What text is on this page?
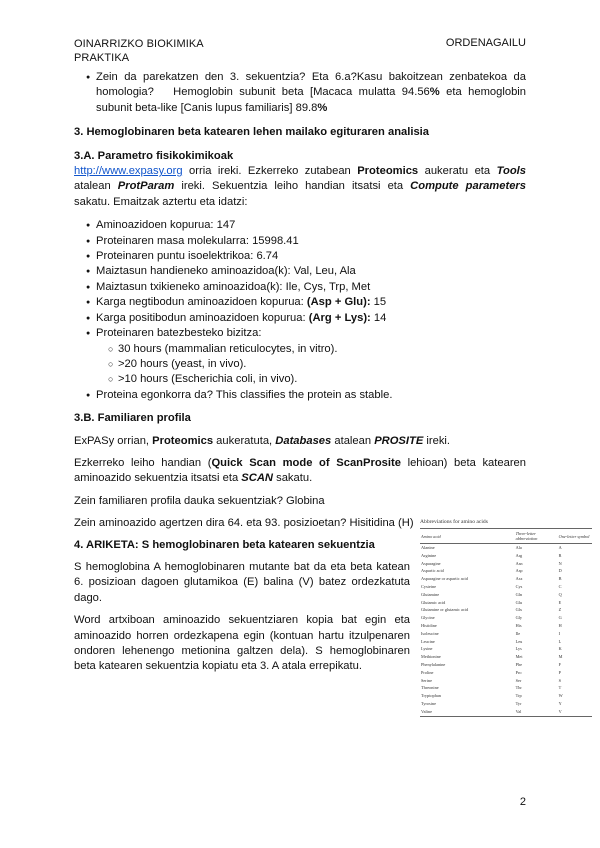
OINARRIZKO BIOKIMIKA
PRAKTIKA
ORDENAGAILU
● Zein da parekatzen den 3. sekuentzia? Eta 6.a?Kasu bakoitzean zenbatekoa da homologia? Hemoglobin subunit beta [Macaca mulatta 94.56% eta hemoglobin subunit beta-like [Canis lupus familiaris] 89.8%
3. Hemoglobinaren beta katearen lehen mailako egituraren analisia
3.A. Parametro fisikokimikoak
http://www.expasy.org orria ireki. Ezkerreko zutabean Proteomics aukeratu eta Tools atalean ProtParam ireki. Sekuentzia leiho handian itsatsi eta Compute parameters sakatu. Emaitzak aztertu eta idatzi:
● Aminoazidoen kopurua: 147
● Proteinaren masa molekularra: 15998.41
● Proteinaren puntu isoelektrikoa: 6.74
● Maiztasun handieneko aminoazidoa(k): Val, Leu, Ala
● Maiztasun txikieneko aminoazidoa(k): Ile, Cys, Trp, Met
● Karga negtibodun aminoazidoen kopurua: (Asp + Glu): 15
● Karga positibodun aminoazidoen kopurua: (Arg + Lys): 14
● Proteinaren batezbesteko bizitza:
○ 30 hours (mammalian reticulocytes, in vitro).
○ >20 hours (yeast, in vivo).
○ >10 hours (Escherichia coli, in vivo).
● Proteina egonkorra da? This classifies the protein as stable.
3.B. Familiaren profila
ExPASy orrian, Proteomics aukeratuta, Databases atalean PROSITE ireki.
Ezkerreko leiho handian (Quick Scan mode of ScanProsite lehioan) beta katearen aminoazido sekuentzia itsatsi eta SCAN sakatu.
Zein familiaren profila dauka sekuentziak? Globina
Zein aminoazido agertzen dira 64. eta 93. posizioetan? Hisitidina (H)
4. ARIKETA: S hemoglobinaren beta katearen sekuentzia
S hemoglobina A hemoglobinaren mutante bat da eta beta katean 6. posizioan dagoen glutamikoa (E) balina (V) batez ordezkatuta dago.
Word artxiboan aminoazido sekuentziaren kopia bat egin eta aminoazido horren ordezkapena egin (kontuan hartu itzulpenaren ondoren lehenengo metionina galtzen dela). S hemoglobinaren beta katearen sekuentzia kopiatu eta 3. A atala errepikatu.
Abbreviations for amino acids
Amino acid	Three-letter abbreviation	One-letter symbol
Alanine	Ala	A
Arginine	Arg	R
Asparagine	Asn	N
Aspartic acid	Asp	D
Asparagine or aspartic acid	Asx	B
Cysteine	Cys	C
Glutamine	Gln	Q
Glutamic acid	Glu	E
Glutamine or glutamic acid	Glx	Z
Glycine	Gly	G
Histidine	His	H
Isoleucine	Ile	I
Leucine	Leu	L
Lysine	Lys	K
Methionine	Met	M
Phenylalanine	Phe	F
Proline	Pro	P
Serine	Ser	S
Threonine	Thr	T
Tryptophan	Trp	W
Tyrosine	Tyr	Y
Valine	Val	V
2
